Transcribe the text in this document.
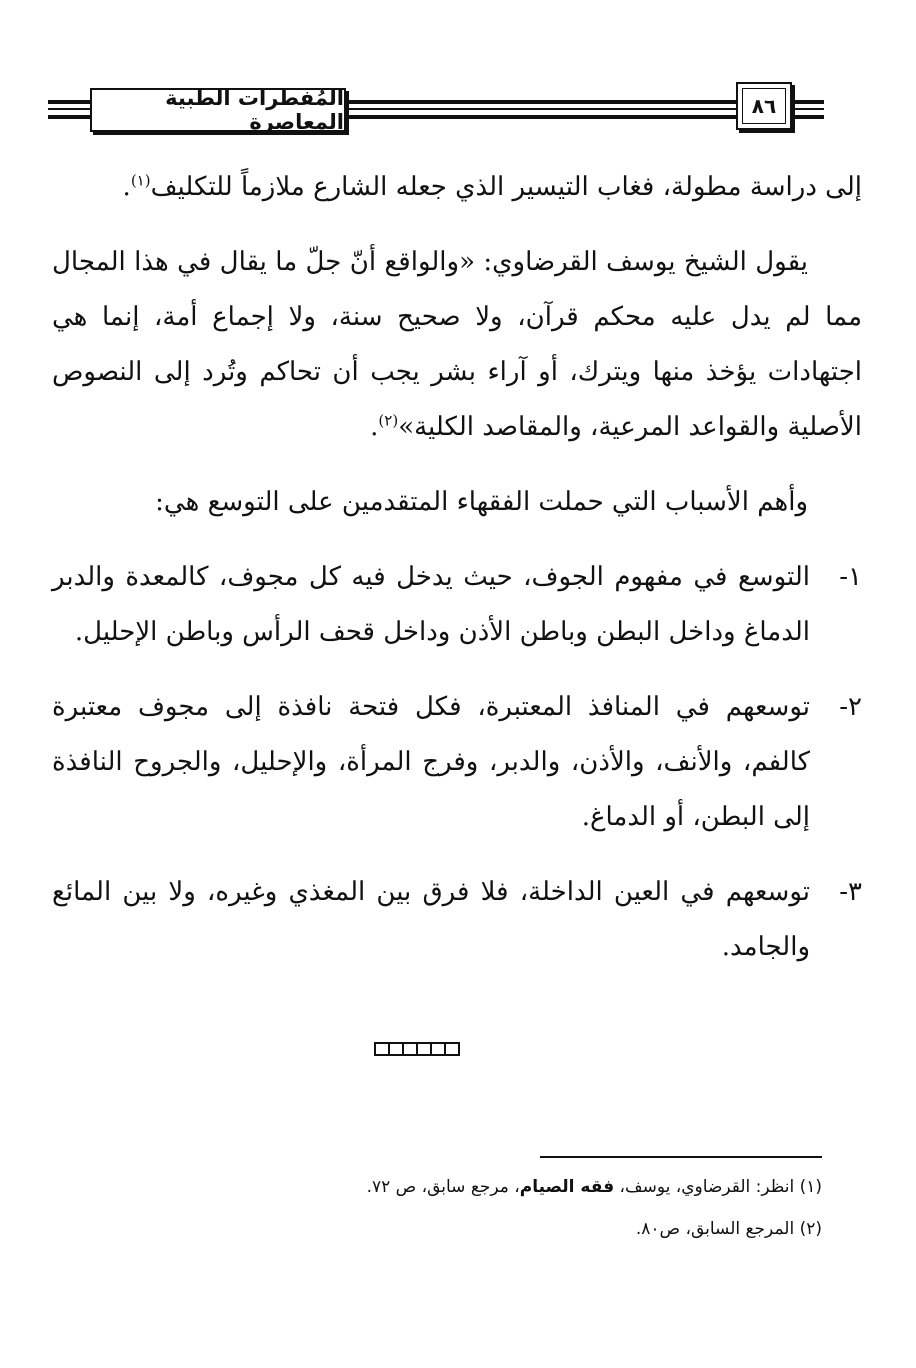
المُفطرات الطبية المعاصرة
٨٦

إلى دراسة مطولة، فغاب التيسير الذي جعله الشارع ملازماً للتكليف$^{(١)}$.

يقول الشيخ يوسف القرضاوي: «والواقع أنّ جلّ ما يقال في هذا المجال مما لم يدل عليه محكم قرآن، ولا صحيح سنة، ولا إجماع أمة، إنما هي اجتهادات يؤخذ منها ويترك، أو آراء بشر يجب أن تحاكم وتُرد إلى النصوص الأصلية والقواعد المرعية، والمقاصد الكلية»$^{(٢)}$.

وأهم الأسباب التي حملت الفقهاء المتقدمين على التوسع هي:

١-
التوسع في مفهوم الجوف، حيث يدخل فيه كل مجوف، كالمعدة والدبر الدماغ وداخل البطن وباطن الأذن وداخل قحف الرأس وباطن الإحليل.
٢-
توسعهم في المنافذ المعتبرة، فكل فتحة نافذة إلى مجوف معتبرة كالفم، والأنف، والأذن، والدبر، وفرج المرأة، والإحليل، والجروح النافذة إلى البطن، أو الدماغ.
٣-
توسعهم في العين الداخلة، فلا فرق بين المغذي وغيره، ولا بين المائع والجامد.
(١) انظر: القرضاوي، يوسف، فقه الصيام، مرجع سابق، ص ٧٢.
(٢) المرجع السابق، ص٨٠.
